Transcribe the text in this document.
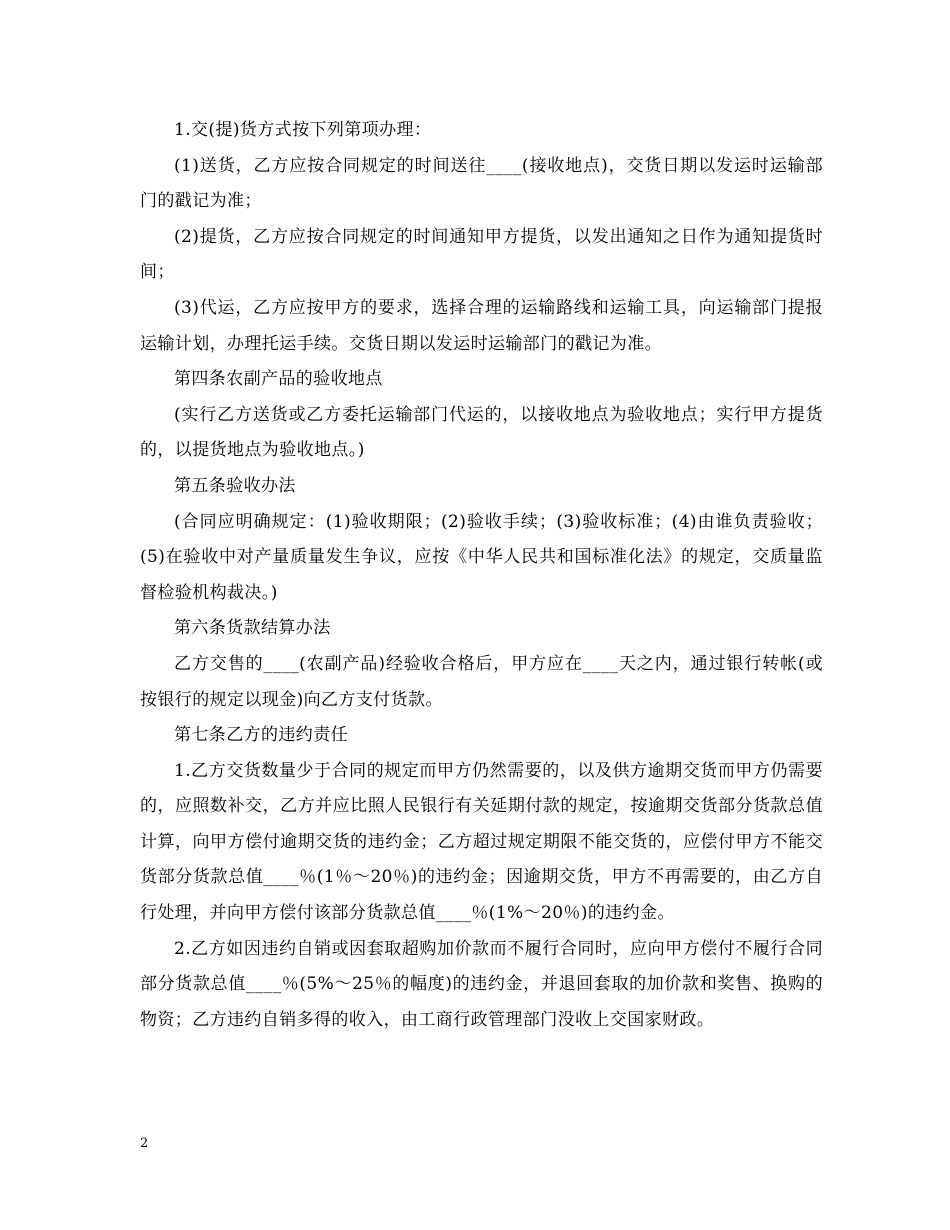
1.交(提)货方式按下列第项办理：

(1)送货，乙方应按合同规定的时间送往____(接收地点)，交货日期以发运时运输部门的戳记为准；

(2)提货，乙方应按合同规定的时间通知甲方提货，以发出通知之日作为通知提货时间；

(3)代运，乙方应按甲方的要求，选择合理的运输路线和运输工具，向运输部门提报运输计划，办理托运手续。交货日期以发运时运输部门的戳记为准。

第四条农副产品的验收地点

(实行乙方送货或乙方委托运输部门代运的，以接收地点为验收地点；实行甲方提货的，以提货地点为验收地点。)

第五条验收办法

(合同应明确规定：(1)验收期限；(2)验收手续；(3)验收标准；(4)由谁负责验收；(5)在验收中对产量质量发生争议，应按《中华人民共和国标准化法》的规定，交质量监督检验机构裁决。)

第六条货款结算办法

乙方交售的____(农副产品)经验收合格后，甲方应在____天之内，通过银行转帐(或按银行的规定以现金)向乙方支付货款。

第七条乙方的违约责任

1.乙方交货数量少于合同的规定而甲方仍然需要的，以及供方逾期交货而甲方仍需要的，应照数补交，乙方并应比照人民银行有关延期付款的规定，按逾期交货部分货款总值计算，向甲方偿付逾期交货的违约金；乙方超过规定期限不能交货的，应偿付甲方不能交货部分货款总值____％(1％～20％)的违约金；因逾期交货，甲方不再需要的，由乙方自行处理，并向甲方偿付该部分货款总值____％(1%～20％)的违约金。

2.乙方如因违约自销或因套取超购加价款而不履行合同时，应向甲方偿付不履行合同部分货款总值____％(5%～25％的幅度)的违约金，并退回套取的加价款和奖售、换购的物资；乙方违约自销多得的收入，由工商行政管理部门没收上交国家财政。

2
